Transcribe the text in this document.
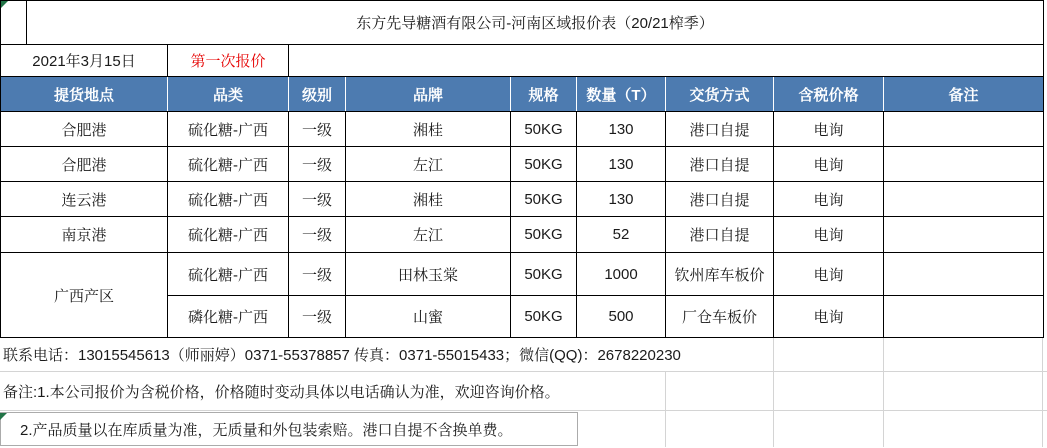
	东方先导糖酒有限公司-河南区域报价表（20/21榨季）								
2021年3月15日		第一次报价							
提货地点		品类	级别	品牌	规格	数量（T）	交货方式	含税价格	备注
合肥港		硫化糖-广西	一级	湘桂	50KG	130	港口自提	电询	
合肥港		硫化糖-广西	一级	左江	50KG	130	港口自提	电询	
连云港		硫化糖-广西	一级	湘桂	50KG	130	港口自提	电询	
南京港		硫化糖-广西	一级	左江	50KG	52	港口自提	电询	
广西产区		硫化糖-广西	一级	田林玉棠	50KG	1000	钦州库车板价	电询	
		磷化糖-广西	一级	山蜜	50KG	500	厂仓车板价	电询	
联系电话：13015545613（师丽婷）0371-55378857 传真：0371-55015433；微信(QQ)：2678220230
备注:1.本公司报价为含税价格，价格随时变动具体以电话确认为准，欢迎咨询价格。
2.产品质量以在库质量为准，无质量和外包装索赔。港口自提不含换单费。
